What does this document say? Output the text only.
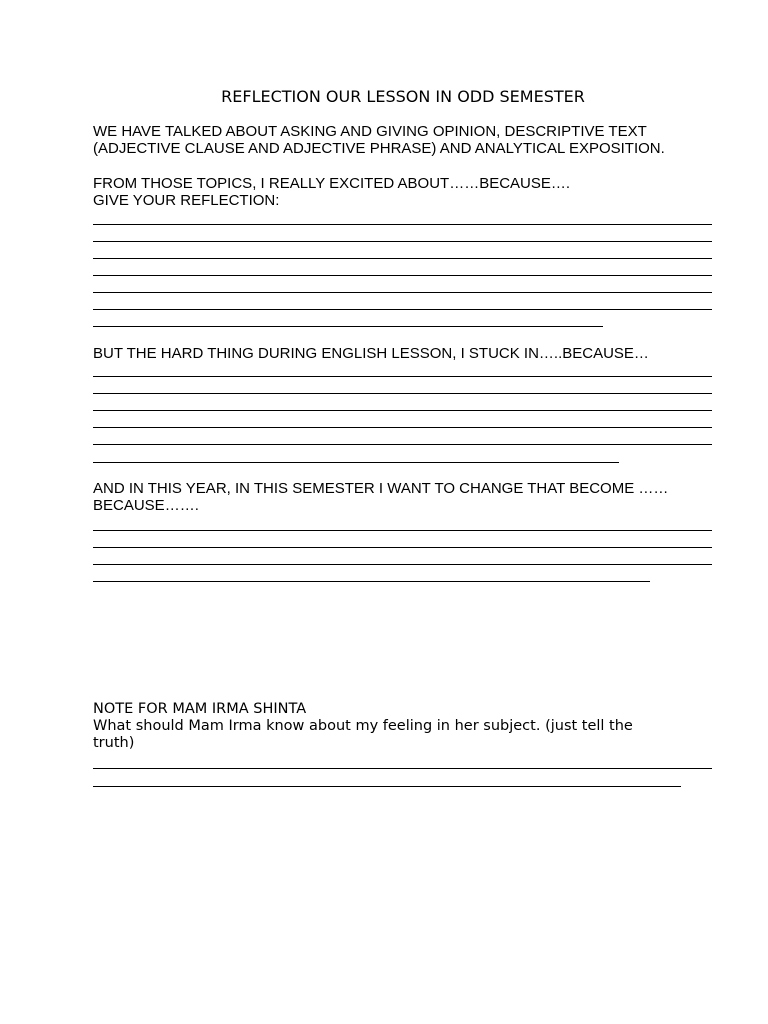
REFLECTION OUR LESSON IN ODD SEMESTER

WE HAVE TALKED ABOUT ASKING AND GIVING OPINION, DESCRIPTIVE TEXT
(ADJECTIVE CLAUSE AND ADJECTIVE PHRASE) AND ANALYTICAL EXPOSITION.

FROM THOSE TOPICS, I REALLY EXCITED ABOUT……BECAUSE….
GIVE YOUR REFLECTION:

BUT THE HARD THING DURING ENGLISH LESSON, I STUCK IN…..BECAUSE…

AND IN THIS YEAR, IN THIS SEMESTER I WANT TO CHANGE THAT BECOME ……
BECAUSE…….

NOTE FOR MAM IRMA SHINTA
What should Mam Irma know about my feeling in her subject. (just tell the
truth)
